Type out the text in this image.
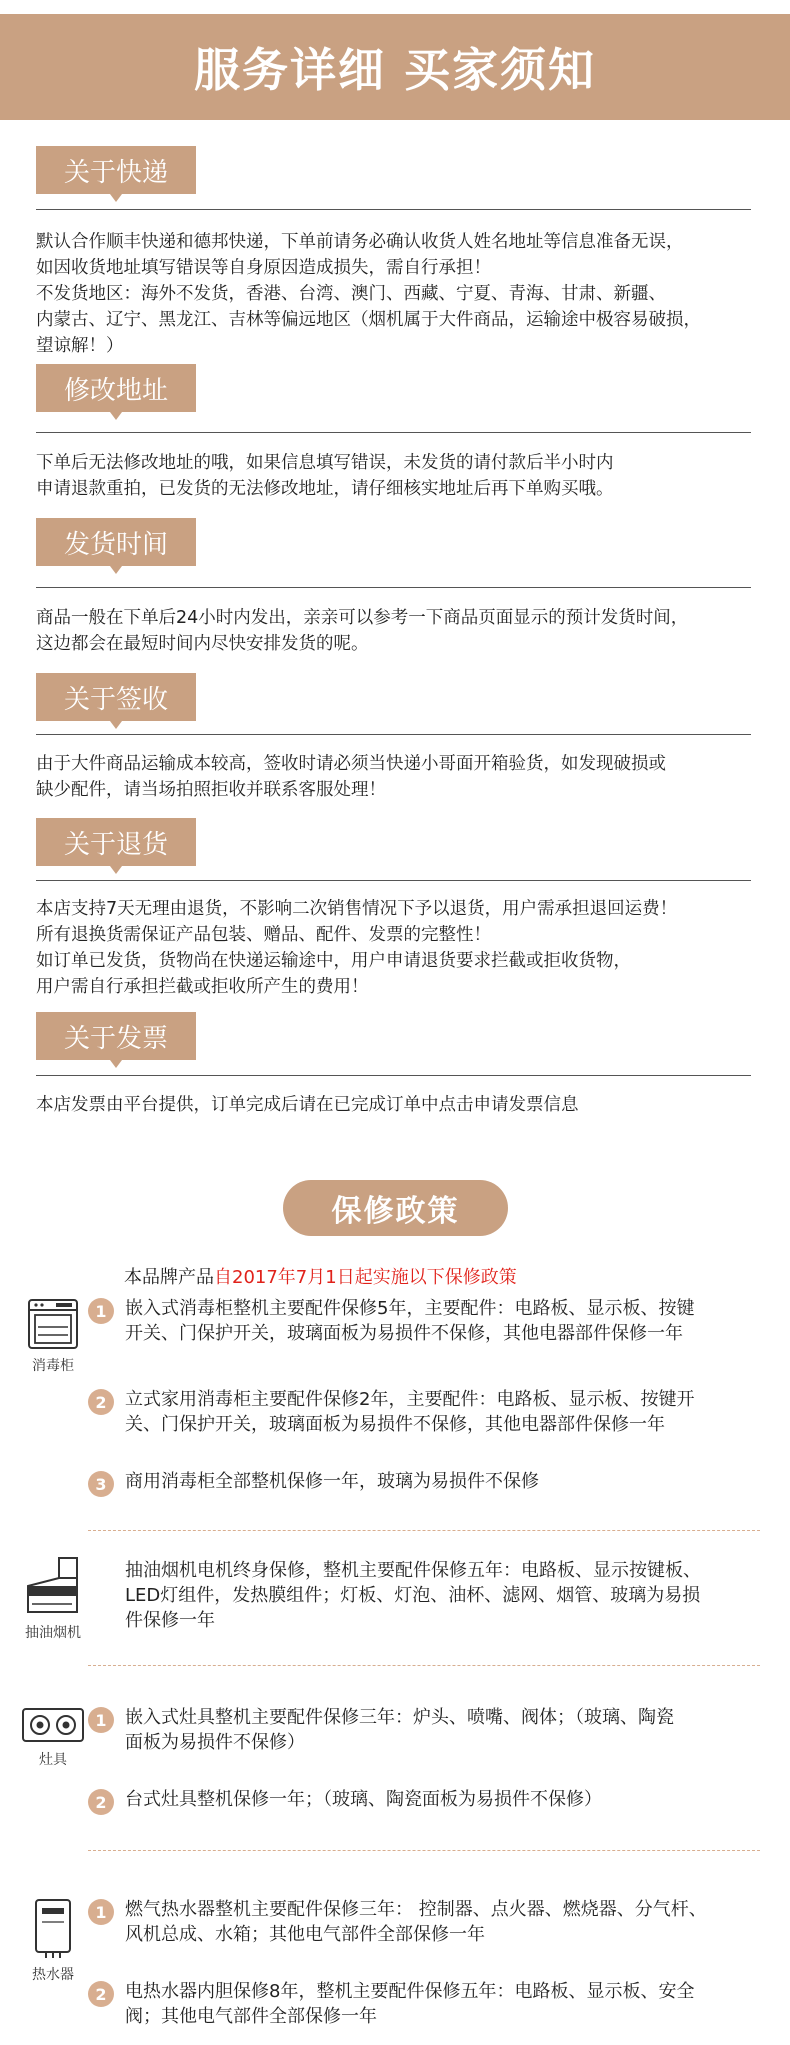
服务详细 买家须知
关于快递
默认合作顺丰快递和德邦快递，下单前请务必确认收货人姓名地址等信息准备无误，
如因收货地址填写错误等自身原因造成损失，需自行承担！
不发货地区：海外不发货，香港、台湾、澳门、西藏、宁夏、青海、甘肃、新疆、
内蒙古、辽宁、黑龙江、吉林等偏远地区（烟机属于大件商品，运输途中极容易破损，
望谅解！）
修改地址
下单后无法修改地址的哦，如果信息填写错误，未发货的请付款后半小时内
申请退款重拍，已发货的无法修改地址，请仔细核实地址后再下单购买哦。
发货时间
商品一般在下单后24小时内发出，亲亲可以参考一下商品页面显示的预计发货时间，
这边都会在最短时间内尽快安排发货的呢。
关于签收
由于大件商品运输成本较高，签收时请必须当快递小哥面开箱验货，如发现破损或
缺少配件，请当场拍照拒收并联系客服处理！
关于退货
本店支持7天无理由退货，不影响二次销售情况下予以退货，用户需承担退回运费！
所有退换货需保证产品包装、赠品、配件、发票的完整性！
如订单已发货，货物尚在快递运输途中，用户申请退货要求拦截或拒收货物，
用户需自行承担拦截或拒收所产生的费用！
关于发票
本店发票由平台提供，订单完成后请在已完成订单中点击申请发票信息
保修政策
本品牌产品自2017年7月1日起实施以下保修政策
消毒柜
1	嵌入式消毒柜整机主要配件保修5年，主要配件：电路板、显示板、按键
开关、门保护开关，玻璃面板为易损件不保修，其他电器部件保修一年
2	立式家用消毒柜主要配件保修2年，主要配件：电路板、显示板、按键开
关、门保护开关，玻璃面板为易损件不保修，其他电器部件保修一年
3	商用消毒柜全部整机保修一年，玻璃为易损件不保修
抽油烟机
抽油烟机电机终身保修，整机主要配件保修五年：电路板、显示按键板、
LED灯组件，发热膜组件；灯板、灯泡、油杯、滤网、烟管、玻璃为易损
件保修一年
灶具
1	嵌入式灶具整机主要配件保修三年：炉头、喷嘴、阀体；（玻璃、陶瓷
面板为易损件不保修）
2	台式灶具整机保修一年；（玻璃、陶瓷面板为易损件不保修）
热水器
1	燃气热水器整机主要配件保修三年： 控制器、点火器、燃烧器、分气杆、
风机总成、水箱；其他电气部件全部保修一年
2	电热水器内胆保修8年，整机主要配件保修五年：电路板、显示板、安全
阀；其他电气部件全部保修一年
